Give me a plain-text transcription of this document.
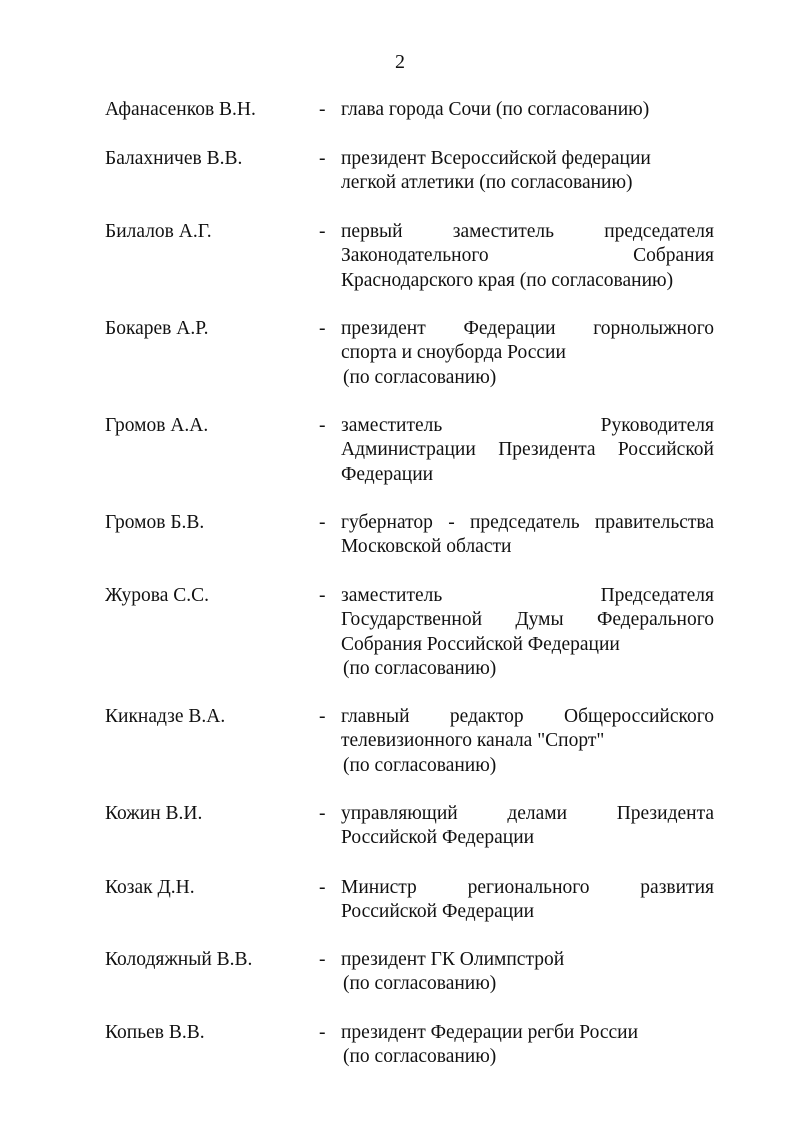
2
Афанасенков В.Н.	- глава города Сочи (по согласованию)
Балахничев В.В.	- президент Всероссийской федерации
легкой атлетики (по согласованию)
Билалов А.Г.	- первый заместитель председателя
Законодательного Собрания
Краснодарского края (по согласованию)
Бокарев А.Р.	- президент Федерации горнолыжного
спорта и сноуборда России
(по согласованию)
Громов А.А.	- заместитель Руководителя
Администрации Президента Российской
Федерации
Громов Б.В.	- губернатор - председатель правительства
Московской области
Журова С.С.	- заместитель Председателя
Государственной Думы Федерального
Собрания Российской Федерации
(по согласованию)
Кикнадзе В.А.	- главный редактор Общероссийского
телевизионного канала "Спорт"
(по согласованию)
Кожин В.И.	- управляющий делами Президента
Российской Федерации
Козак Д.Н.	- Министр регионального развития
Российской Федерации
Колодяжный В.В.	- президент ГК Олимпстрой
(по согласованию)
Копьев В.В.	- президент Федерации регби России
(по согласованию)
